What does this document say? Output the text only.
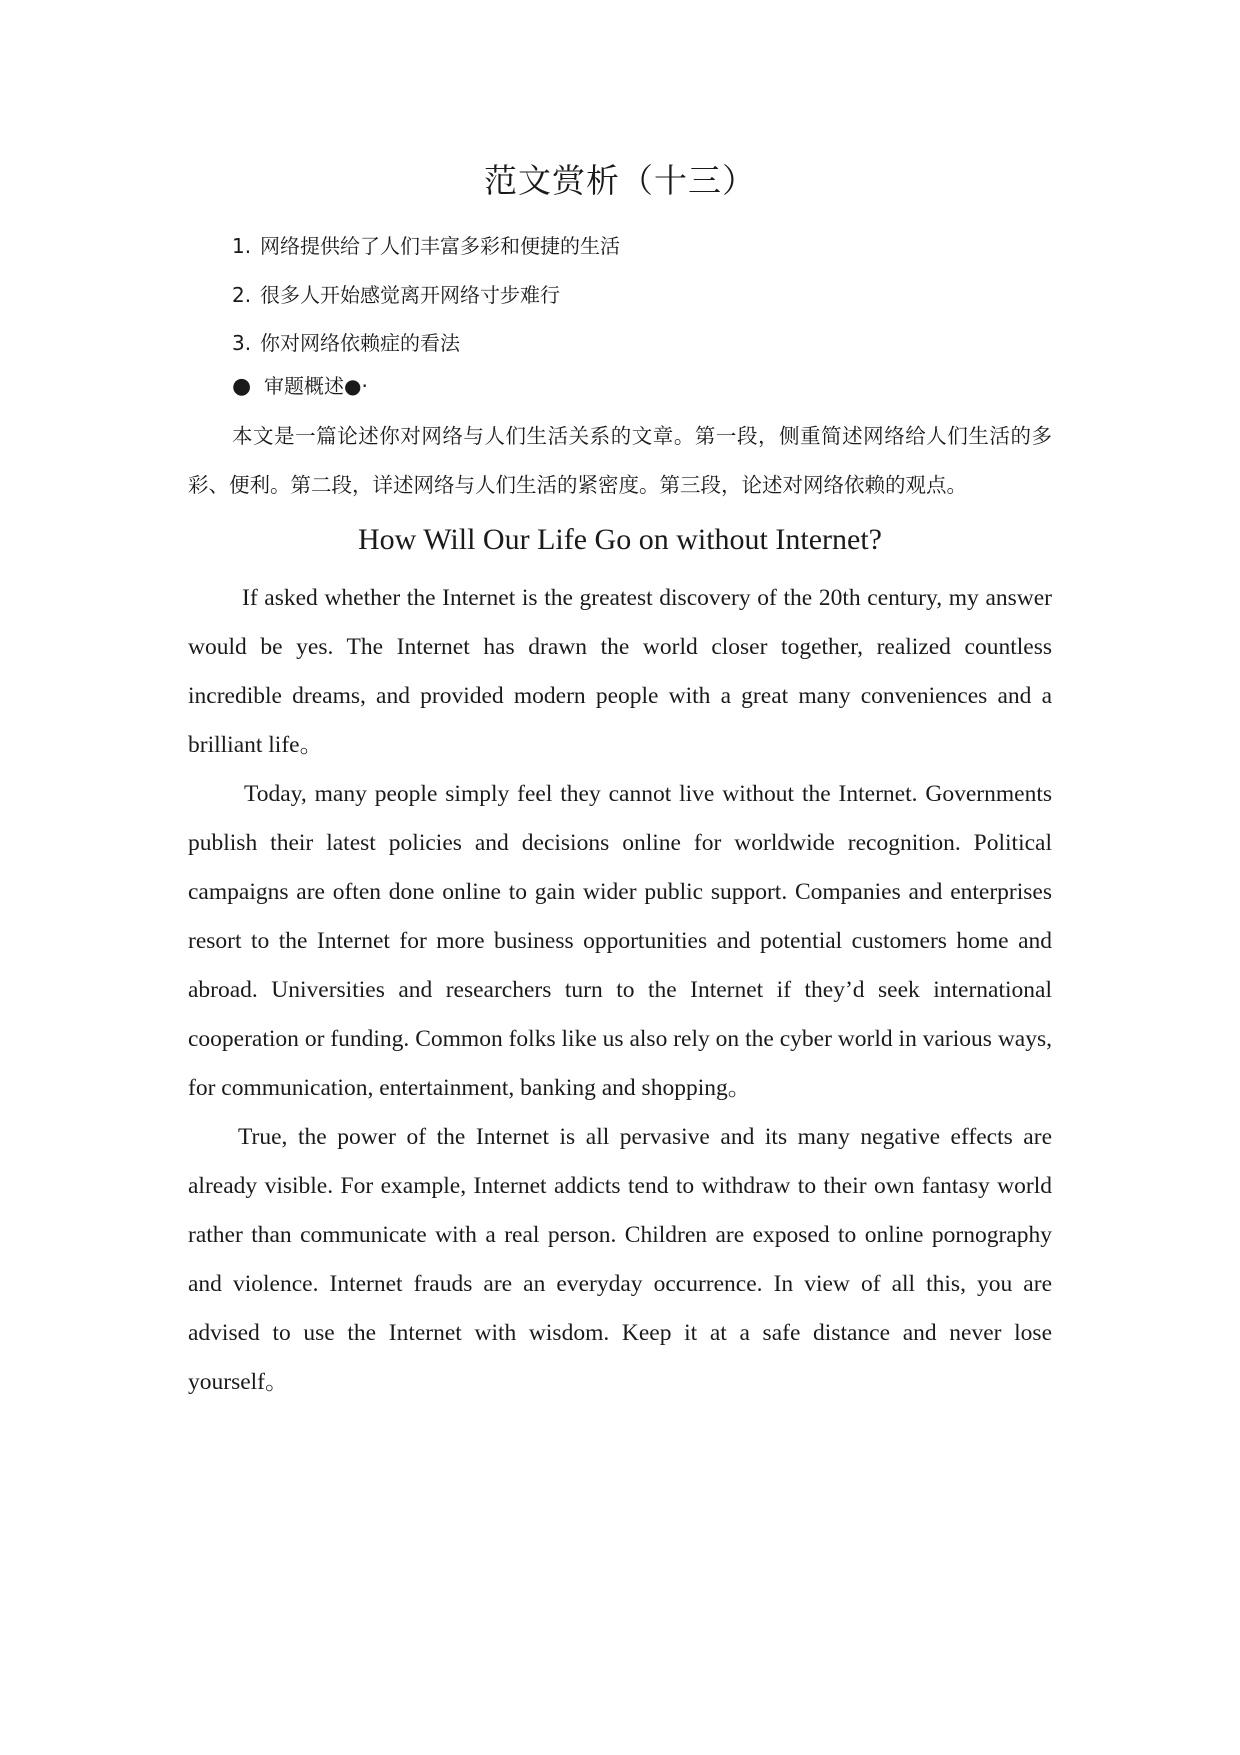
范文赏析（十三）
1. 网络提供给了人们丰富多彩和便捷的生活
2. 很多人开始感觉离开网络寸步难行
3. 你对网络依赖症的看法
● 审题概述●·

本文是一篇论述你对网络与人们生活关系的文章。第一段，侧重简述网络给人们生活的多彩、便利。第二段，详述网络与人们生活的紧密度。第三段，论述对网络依赖的观点。

How Will Our Life Go on without Internet?

If asked whether the Internet is the greatest discovery of the 20th century, my answer would be yes. The Internet has drawn the world closer together, realized countless incredible dreams, and provided modern people with a great many conveniences and a brilliant life。

Today, many people simply feel they cannot live without the Internet. Governments publish their latest policies and decisions online for worldwide recognition. Political campaigns are often done online to gain wider public support. Companies and enterprises resort to the Internet for more business opportunities and potential customers home and abroad. Universities and researchers turn to the Internet if they’d seek international cooperation or funding. Common folks like us also rely on the cyber world in various ways, for communication, entertainment, banking and shopping。

True, the power of the Internet is all pervasive and its many negative effects are already visible. For example, Internet addicts tend to withdraw to their own fantasy world rather than communicate with a real person. Children are exposed to online pornography and violence. Internet frauds are an everyday occurrence. In view of all this, you are advised to use the Internet with wisdom. Keep it at a safe distance and never lose yourself。
